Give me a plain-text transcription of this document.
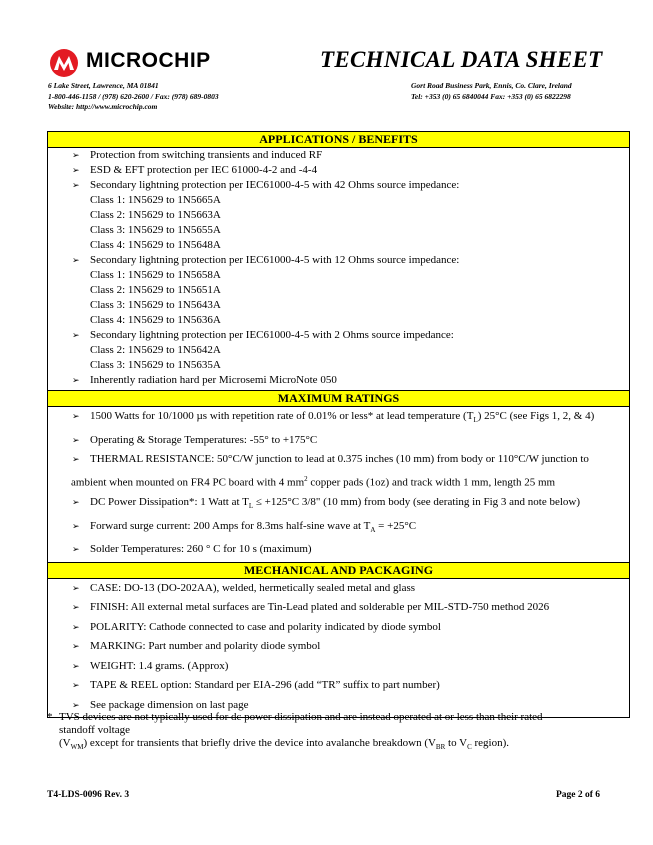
MICROCHIP	TECHNICAL DATA SHEET
6 Lake Street, Lawrence, MA 01841
1-800-446-1158 / (978) 620-2600 / Fax: (978) 689-0803
Website: http://www.microchip.com
Gort Road Business Park, Ennis, Co. Clare, Ireland
Tel: +353 (0) 65 6840044 Fax: +353 (0) 65 6822298
APPLICATIONS / BENEFITS
➢ Protection from switching transients and induced RF
➢ ESD & EFT protection per IEC 61000-4-2 and -4-4
➢ Secondary lightning protection per IEC61000-4-5 with 42 Ohms source impedance:
Class 1: 1N5629 to 1N5665A
Class 2: 1N5629 to 1N5663A
Class 3: 1N5629 to 1N5655A
Class 4: 1N5629 to 1N5648A
➢ Secondary lightning protection per IEC61000-4-5 with 12 Ohms source impedance:
Class 1: 1N5629 to 1N5658A
Class 2: 1N5629 to 1N5651A
Class 3: 1N5629 to 1N5643A
Class 4: 1N5629 to 1N5636A
➢ Secondary lightning protection per IEC61000-4-5 with 2 Ohms source impedance:
Class 2: 1N5629 to 1N5642A
Class 3: 1N5629 to 1N5635A
➢ Inherently radiation hard per Microsemi MicroNote 050
MAXIMUM RATINGS
➢ 1500 Watts for 10/1000 µs with repetition rate of 0.01% or less* at lead temperature $(T_L)$ 25°C (see Figs 1, 2, & 4)
➢ Operating & Storage Temperatures: -55° to +175°C
➢ THERMAL RESISTANCE: 50°C/W junction to lead at 0.375 inches (10 mm) from body or 110°C/W junction to
ambient when mounted on FR4 PC board with 4 $mm^2$ copper pads (1oz) and track width 1 mm, length 25 mm
➢ DC Power Dissipation*: 1 Watt at $T_L \le +125^\circ C$ 3/8" (10 mm) from body (see derating in Fig 3 and note below)
➢ Forward surge current: 200 Amps for 8.3ms half-sine wave at $T_A = +25^\circ C$
➢ Solder Temperatures: 260 ° C for 10 s (maximum)
MECHANICAL AND PACKAGING
➢ CASE: DO-13 (DO-202AA), welded, hermetically sealed metal and glass
➢ FINISH: All external metal surfaces are Tin-Lead plated and solderable per MIL-STD-750 method 2026
➢ POLARITY: Cathode connected to case and polarity indicated by diode symbol
➢ MARKING: Part number and polarity diode symbol
➢ WEIGHT: 1.4 grams. (Approx)
➢ TAPE & REEL option: Standard per EIA-296 (add “TR” suffix to part number)
➢ See package dimension on last page
* TVS devices are not typically used for dc power dissipation and are instead operated at or less than their rated
standoff voltage
$(V_{WM})$ except for transients that briefly drive the device into avalanche breakdown ($V_{BR}$ to $V_C$ region).
T4-LDS-0096 Rev. 3	Page 2 of 6
